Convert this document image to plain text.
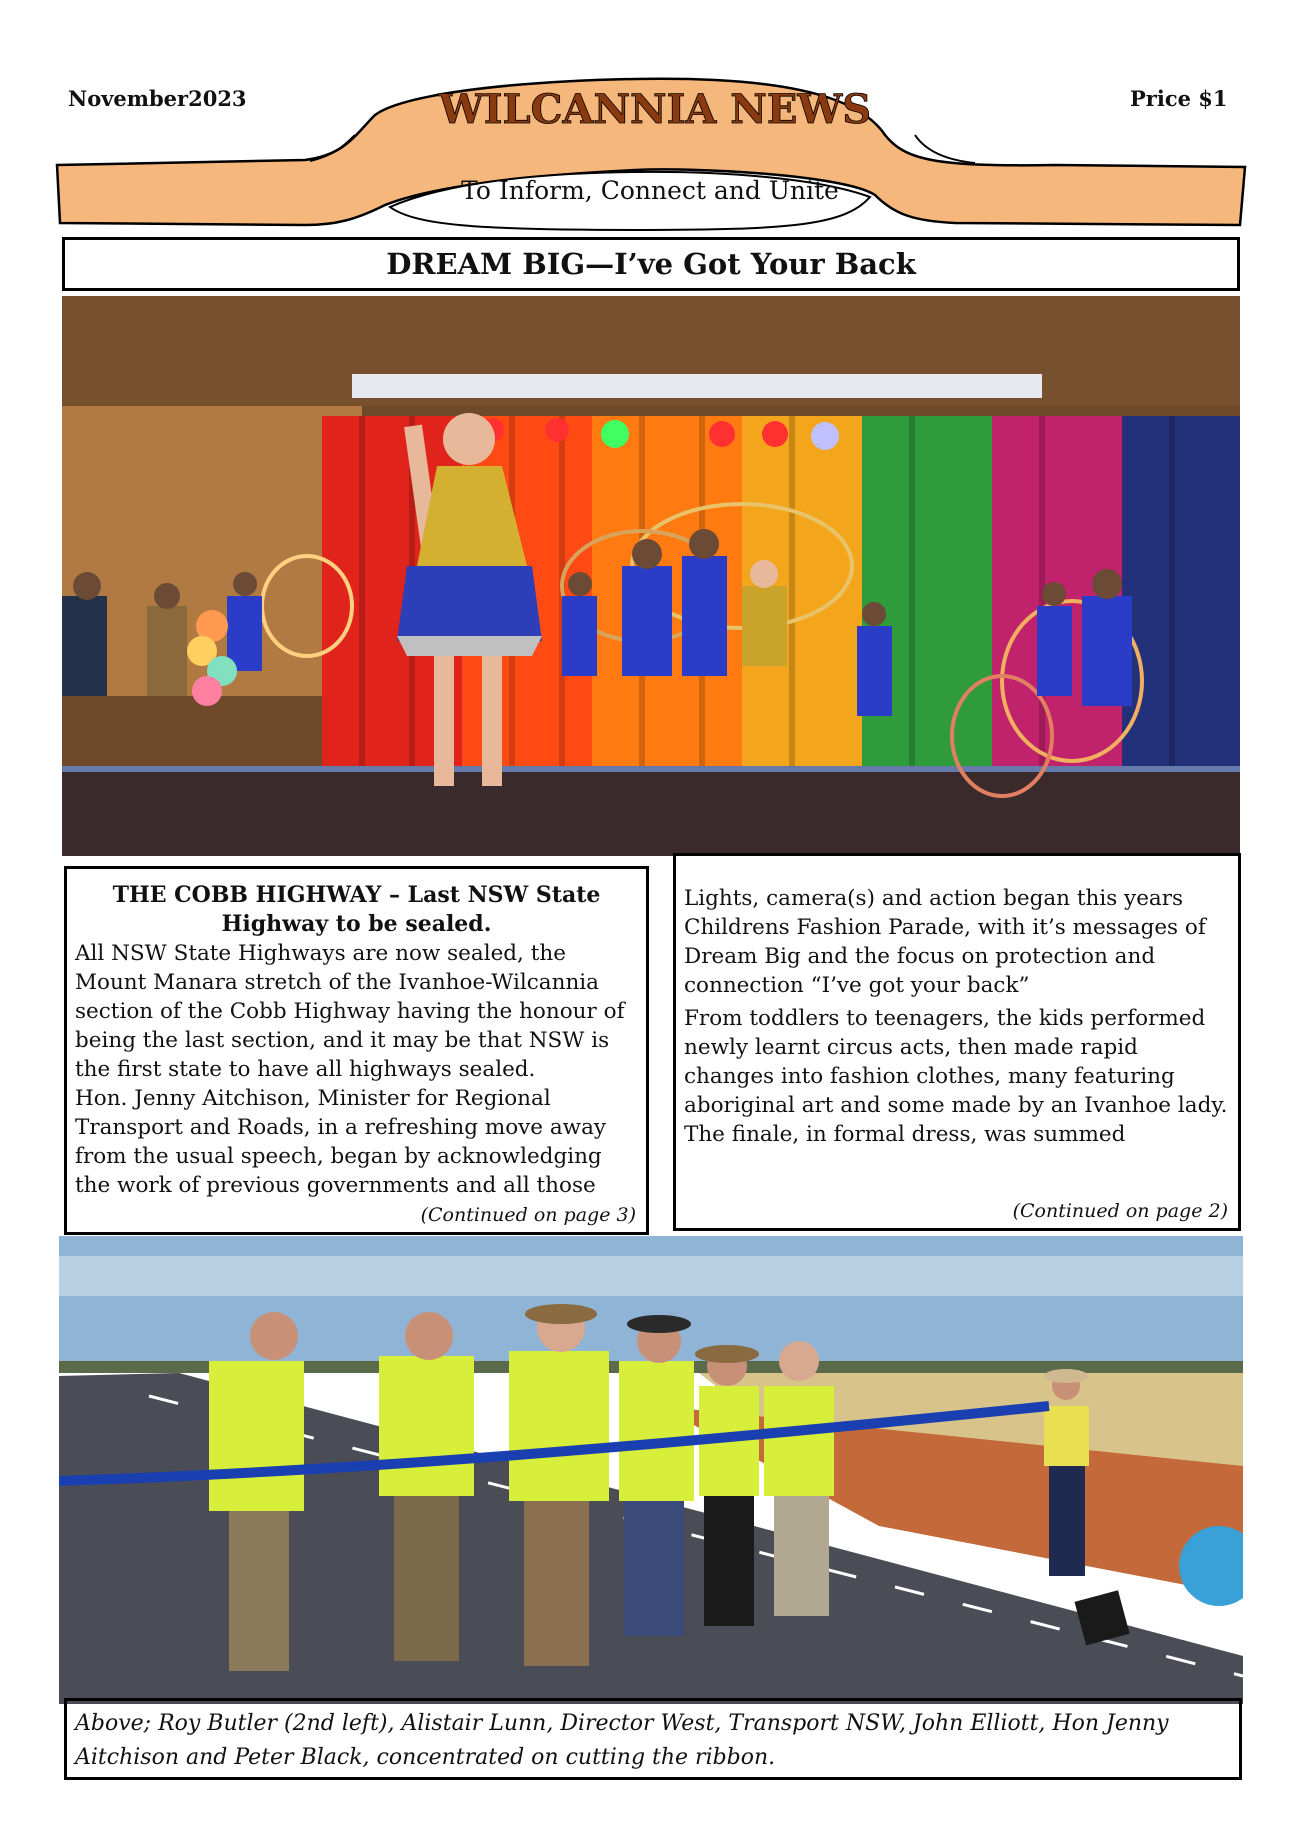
November2023	Price $1
WILCANNIA NEWS
To Inform, Connect and Unite
DREAM BIG—I’ve Got Your Back
THE COBB HIGHWAY – Last NSW State Highway to be sealed.

All NSW State Highways are now sealed, the Mount Manara stretch of the Ivanhoe-Wilcannia section of the Cobb Highway having the honour of being the last section, and it may be that NSW is the first state to have all highways sealed.

Hon. Jenny Aitchison, Minister for Regional Transport and Roads, in a refreshing move away from the usual speech, began by acknowledging the work of previous governments and all those

(Continued on page 3)

Lights, camera(s) and action began this years Childrens Fashion Parade, with it’s messages of Dream Big and the focus on protection and connection “I’ve got your back”

From toddlers to teenagers, the kids performed newly learnt circus acts, then made rapid changes into fashion clothes, many featuring aboriginal art and some made by an Ivanhoe lady. The finale, in formal dress, was summed

(Continued on page 2)
Above; Roy Butler (2nd left), Alistair Lunn, Director West, Transport NSW, John Elliott, Hon Jenny Aitchison and Peter Black, concentrated on cutting the ribbon.
